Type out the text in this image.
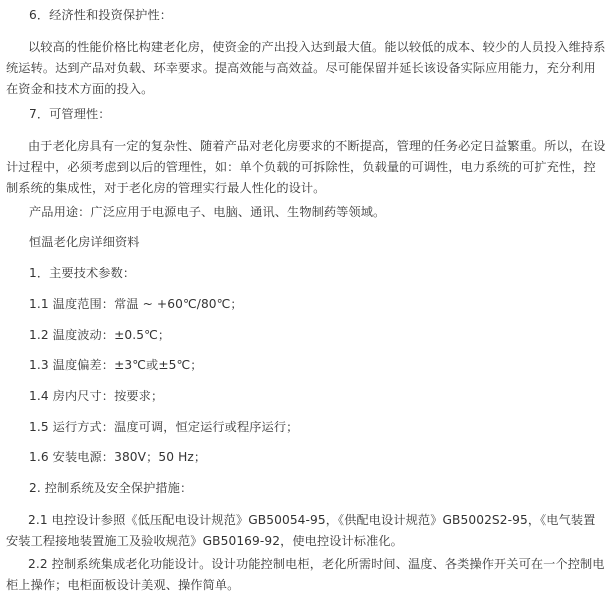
6．经济性和投资保护性：
以较高的性能价格比构建老化房，使资金的产出投入达到最大值。能以较低的成本、较少的人员投入维持系统运转。达到产品对负载、环幸要求。提高效能与高效益。尽可能保留并延长该设备实际应用能力，充分利用在资金和技术方面的投入。
7．可管理性：
由于老化房具有一定的复杂性、随着产品对老化房要求的不断提高，管理的任务必定日益繁重。所以，在设计过程中，必须考虑到以后的管理性，如：单个负载的可拆除性，负载量的可调性，电力系统的可扩充性，控制系统的集成性，对于老化房的管理实行最人性化的设计。
产品用途：广泛应用于电源电子、电脑、通讯、生物制药等领域。
恒温老化房详细资料
1．主要技术参数：
1.1 温度范围：常温 ~ +60℃/80℃；
1.2 温度波动：±0.5℃；
1.3 温度偏差：±3℃或±5℃；
1.4 房内尺寸：按要求；
1.5 运行方式：温度可调，恒定运行或程序运行；
1.6 安装电源：380V；50 Hz；
2. 控制系统及安全保护措施：
2.1 电控设计参照《低压配电设计规范》GB50054-95，《供配电设计规范》GB5002S2-95，《电气装置安装工程接地装置施工及验收规范》GB50169-92，使电控设计标准化。
2.2 控制系统集成老化功能设计。设计功能控制电柜，老化所需时间、温度、各类操作开关可在一个控制电柜上操作；电柜面板设计美观、操作简单。
